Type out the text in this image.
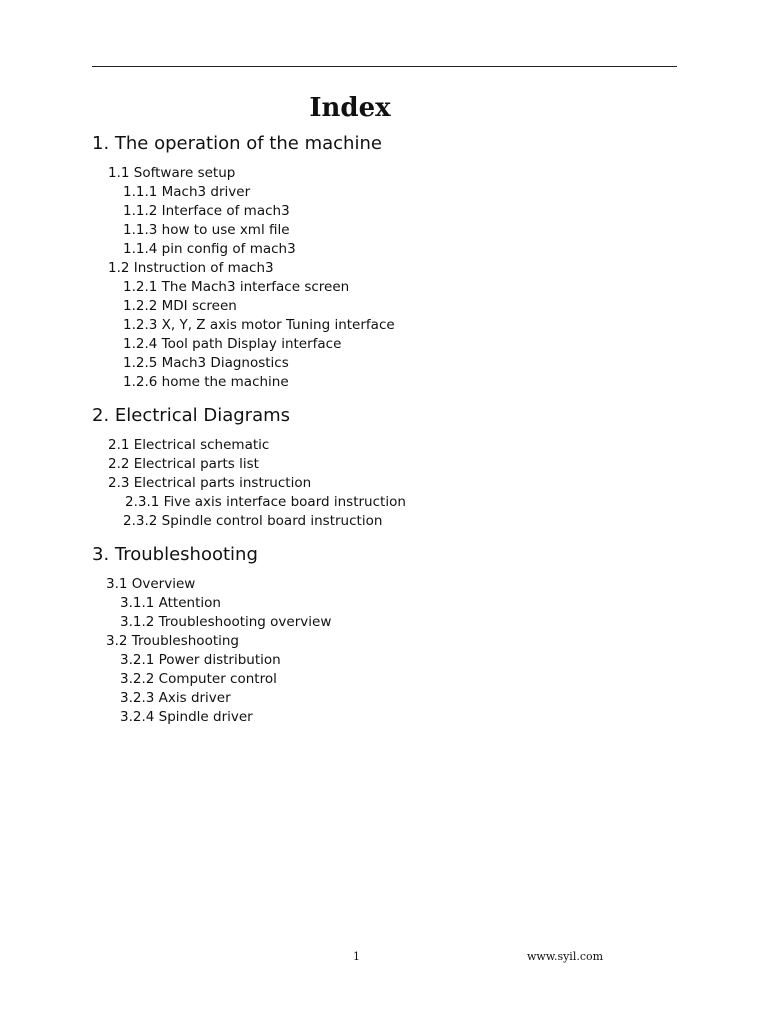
Index
1. The operation of the machine
1.1 Software setup
1.1.1 Mach3 driver
1.1.2 Interface of mach3
1.1.3 how to use xml file
1.1.4 pin config of mach3
1.2 Instruction of mach3
1.2.1 The Mach3 interface screen
1.2.2 MDI screen
1.2.3 X, Y, Z axis motor Tuning interface
1.2.4 Tool path Display interface
1.2.5 Mach3 Diagnostics
1.2.6 home the machine
2. Electrical Diagrams
2.1 Electrical schematic
2.2 Electrical parts list
2.3 Electrical parts instruction
2.3.1 Five axis interface board instruction
2.3.2 Spindle control board instruction
3. Troubleshooting
3.1 Overview
3.1.1 Attention
3.1.2 Troubleshooting overview
3.2 Troubleshooting
3.2.1 Power distribution
3.2.2 Computer control
3.2.3 Axis driver
3.2.4 Spindle driver
1	www.syil.com
